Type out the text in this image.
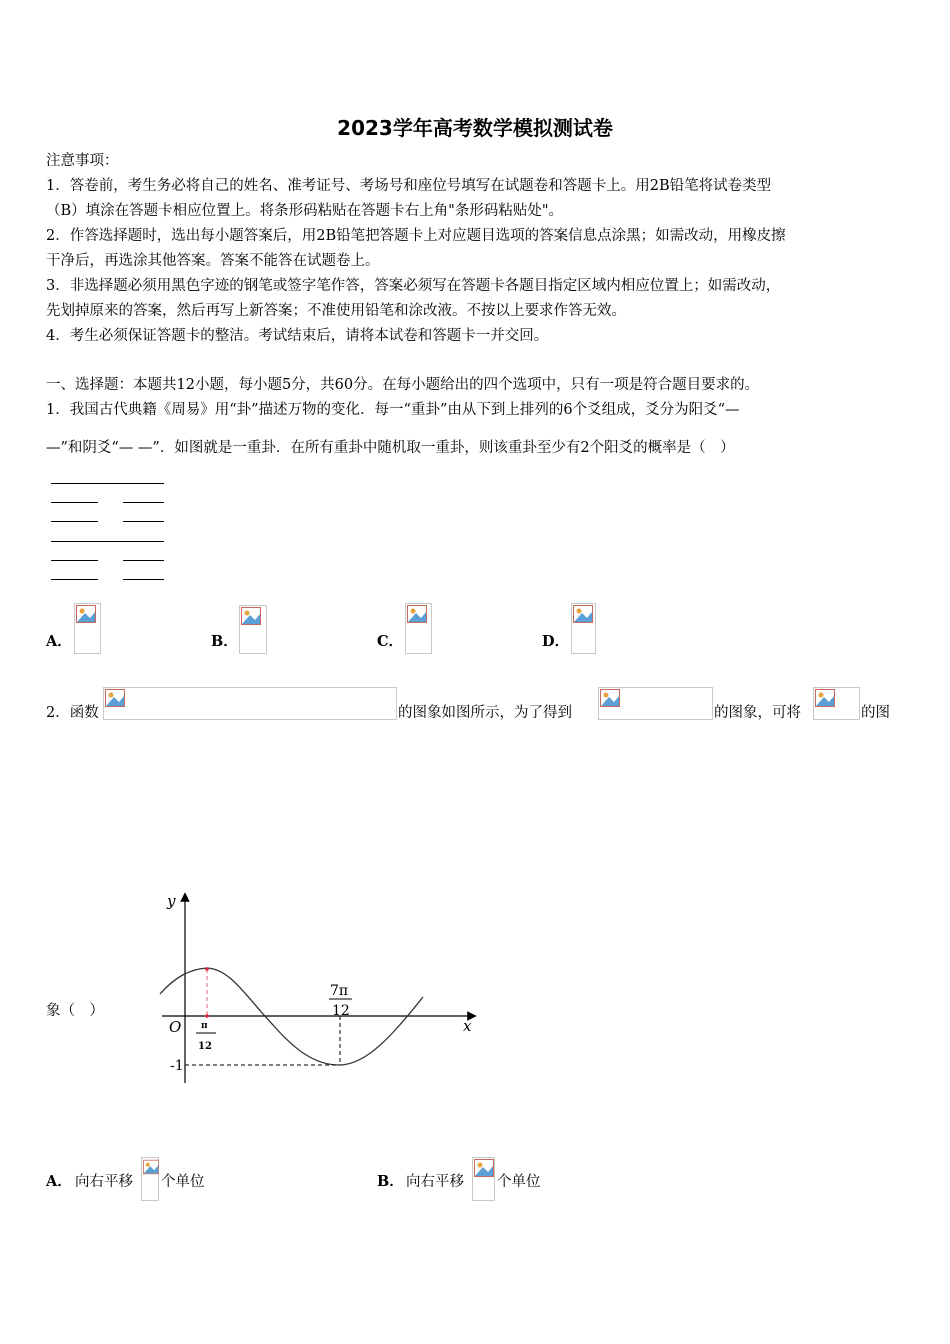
2023学年高考数学模拟测试卷
注意事项：
1．答卷前，考生务必将自己的姓名、准考证号、考场号和座位号填写在试题卷和答题卡上。用2B铅笔将试卷类型
（B）填涂在答题卡相应位置上。将条形码粘贴在答题卡右上角"条形码粘贴处"。
2．作答选择题时，选出每小题答案后，用2B铅笔把答题卡上对应题目选项的答案信息点涂黑；如需改动，用橡皮擦
干净后，再选涂其他答案。答案不能答在试题卷上。
3．非选择题必须用黑色字迹的钢笔或签字笔作答，答案必须写在答题卡各题目指定区域内相应位置上；如需改动，
先划掉原来的答案，然后再写上新答案；不准使用铅笔和涂改液。不按以上要求作答无效。
4．考生必须保证答题卡的整洁。考试结束后，请将本试卷和答题卡一并交回。
一、选择题：本题共12小题，每小题5分，共60分。在每小题给出的四个选项中，只有一项是符合题目要求的。
1．我国古代典籍《周易》用“卦”描述万物的变化．每一“重卦”由从下到上排列的6个爻组成，爻分为阳爻“—
—”和阴爻“— —”．如图就是一重卦．在所有重卦中随机取一重卦，则该重卦至少有2个阳爻的概率是（　）
A．	B．	C．	D．
2．函数	的图象如图所示，为了得到	的图象，可将	的图
象（　）
y
x
O π
12
7π
12
-1
A． 向右平移 个单位	B． 向右平移 个单位
